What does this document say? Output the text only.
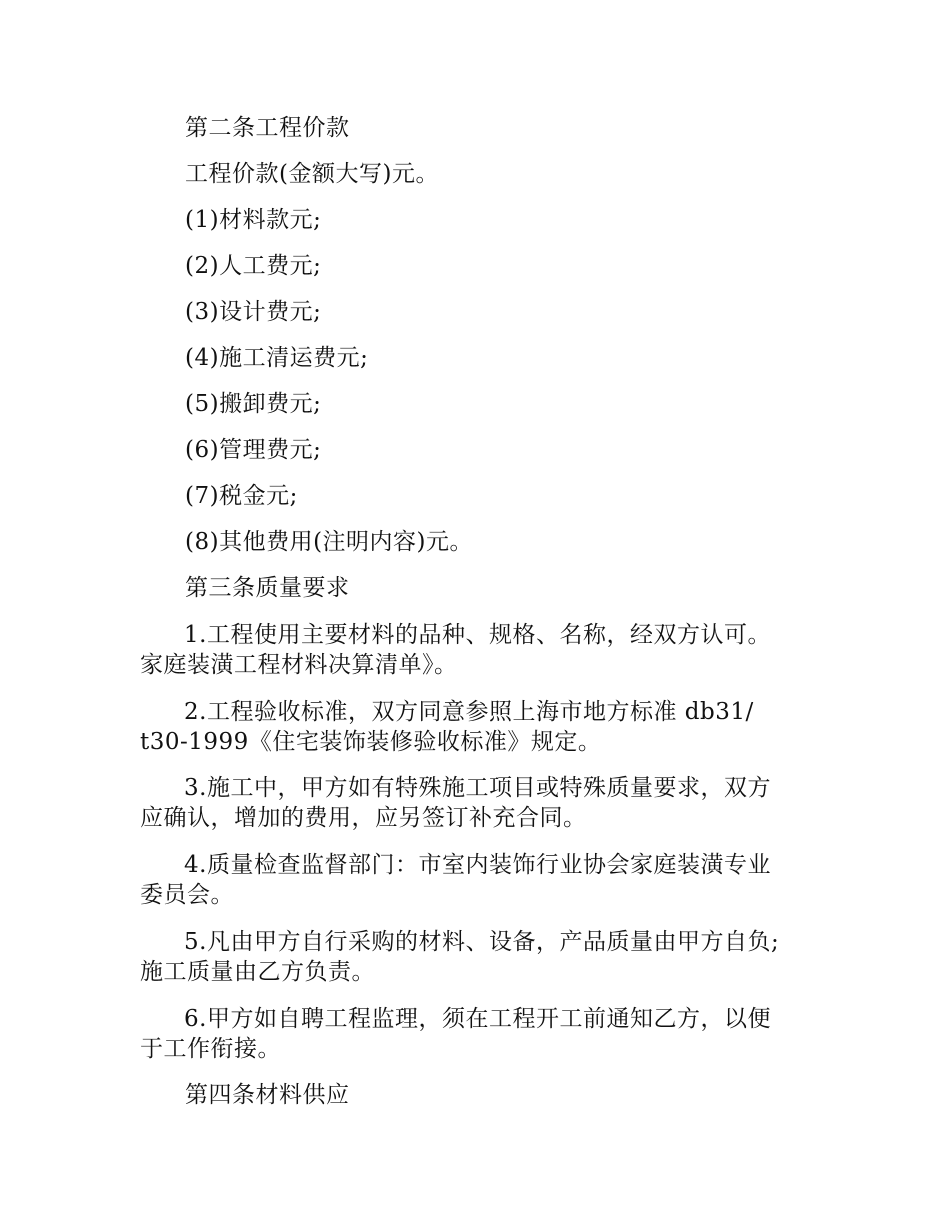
第二条工程价款
工程价款(金额大写)元。
(1)材料款元;
(2)人工费元;
(3)设计费元;
(4)施工清运费元;
(5)搬卸费元;
(6)管理费元;
(7)税金元;
(8)其他费用(注明内容)元。
第三条质量要求
1.工程使用主要材料的品种、规格、名称，经双方认可。
家庭装潢工程材料决算清单》。
2.工程验收标准，双方同意参照上海市地方标准 db31/
t30-1999《住宅装饰装修验收标准》规定。
3.施工中，甲方如有特殊施工项目或特殊质量要求，双方
应确认，增加的费用，应另签订补充合同。
4.质量检查监督部门：市室内装饰行业协会家庭装潢专业
委员会。
5.凡由甲方自行采购的材料、设备，产品质量由甲方自负;
施工质量由乙方负责。
6.甲方如自聘工程监理，须在工程开工前通知乙方，以便
于工作衔接。
第四条材料供应
